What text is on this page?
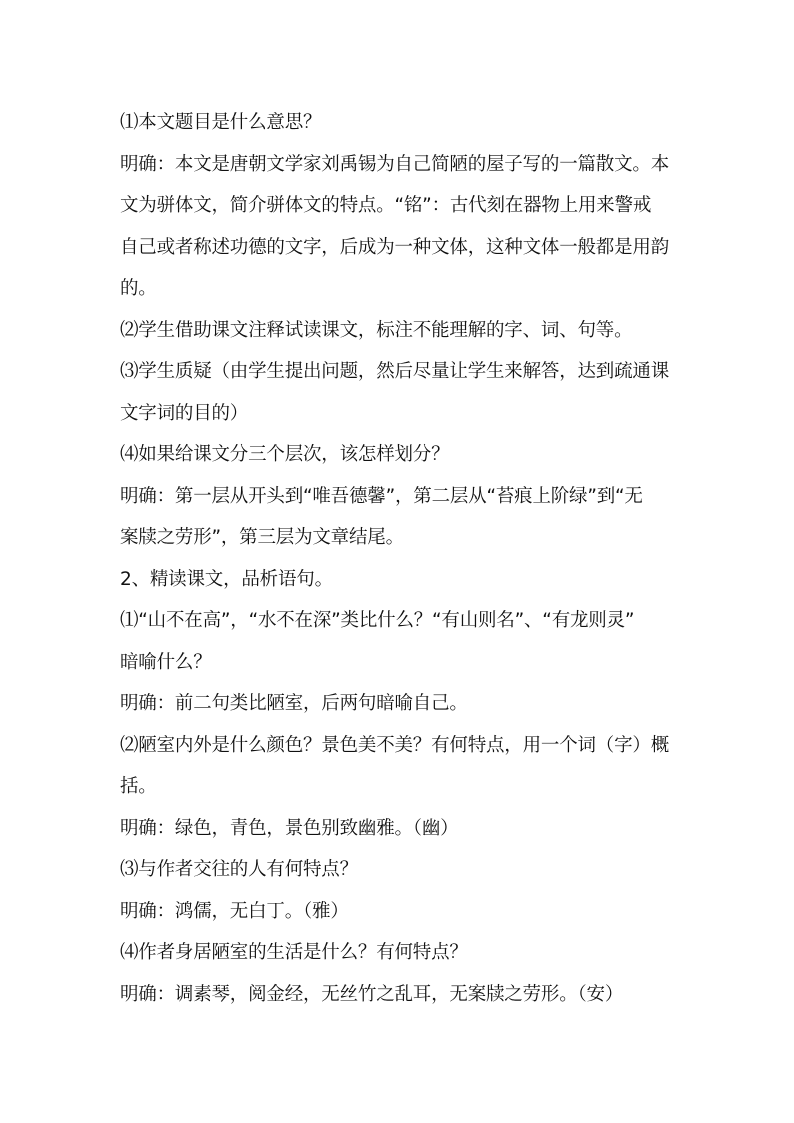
⑴本文题目是什么意思？
明确：本文是唐朝文学家刘禹锡为自己简陋的屋子写的一篇散文。本
文为骈体文，简介骈体文的特点。“铭”：古代刻在器物上用来警戒
自己或者称述功德的文字，后成为一种文体，这种文体一般都是用韵
的。
⑵学生借助课文注释试读课文，标注不能理解的字、词、句等。
⑶学生质疑（由学生提出问题，然后尽量让学生来解答，达到疏通课
文字词的目的）
⑷如果给课文分三个层次，该怎样划分？
明确：第一层从开头到“唯吾德馨”，第二层从“苔痕上阶绿”到“无
案牍之劳形”，第三层为文章结尾。
2、精读课文，品析语句。
⑴“山不在高”，“水不在深”类比什么？“有山则名”、“有龙则灵”
暗喻什么？
明确：前二句类比陋室，后两句暗喻自己。
⑵陋室内外是什么颜色？景色美不美？有何特点，用一个词（字）概
括。
明确：绿色，青色，景色别致幽雅。（幽）
⑶与作者交往的人有何特点？
明确：鸿儒，无白丁。（雅）
⑷作者身居陋室的生活是什么？有何特点？
明确：调素琴，阅金经，无丝竹之乱耳，无案牍之劳形。（安）
